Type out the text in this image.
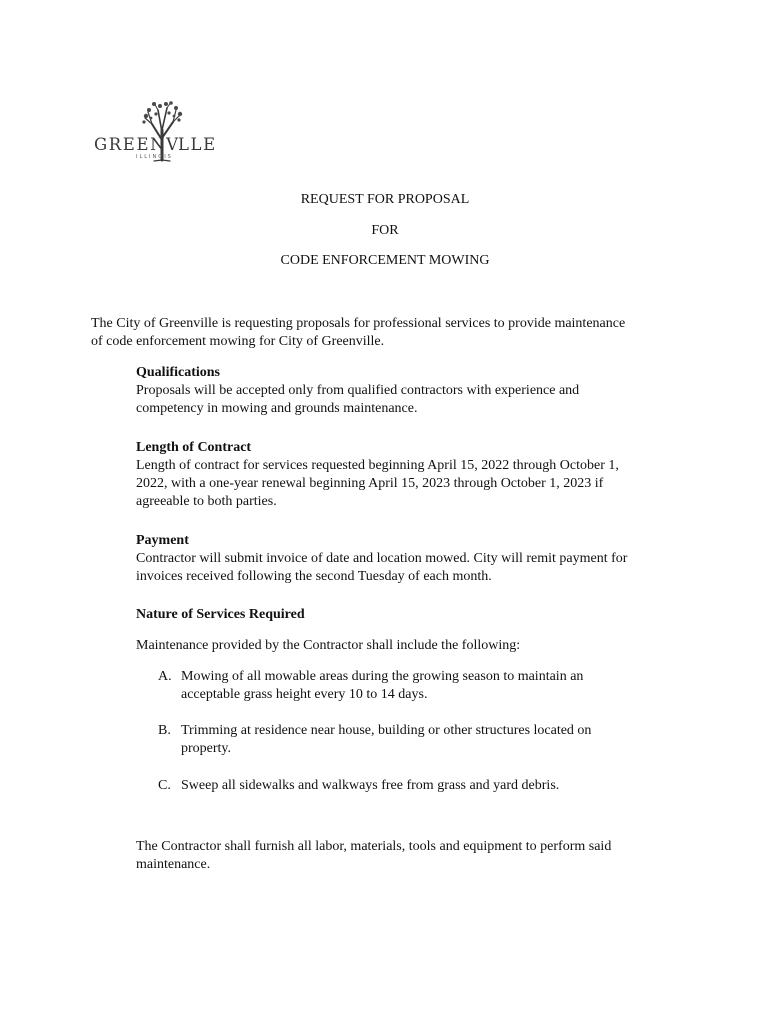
GREENV
LLE
ILLINOIS
REQUEST FOR PROPOSAL
FOR
CODE ENFORCEMENT MOWING
The City of Greenville is requesting proposals for professional services to provide maintenance
of code enforcement mowing for City of Greenville.
Qualifications
Proposals will be accepted only from qualified contractors with experience and
competency in mowing and grounds maintenance.
Length of Contract
Length of contract for services requested beginning April 15, 2022 through October 1,
2022, with a one-year renewal beginning April 15, 2023 through October 1, 2023 if
agreeable to both parties.
Payment
Contractor will submit invoice of date and location mowed. City will remit payment for
invoices received following the second Tuesday of each month.
Nature of Services Required
Maintenance provided by the Contractor shall include the following:
A. Mowing of all mowable areas during the growing season to maintain an
acceptable grass height every 10 to 14 days.
B. Trimming at residence near house, building or other structures located on
property.
C. Sweep all sidewalks and walkways free from grass and yard debris.
The Contractor shall furnish all labor, materials, tools and equipment to perform said
maintenance.
